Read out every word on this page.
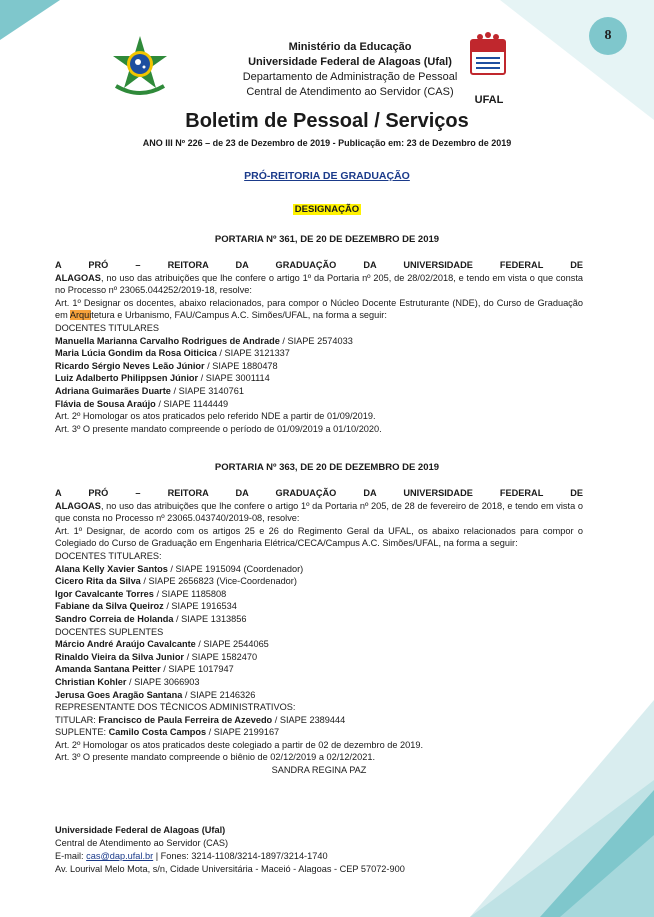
8
UFAL
Ministério da Educação
Universidade Federal de Alagoas (Ufal)
Departamento de Administração de Pessoal
Central de Atendimento ao Servidor (CAS)
Boletim de Pessoal / Serviços
ANO III Nº 226 – de 23 de Dezembro de 2019 - Publicação em: 23 de Dezembro de 2019
PRÓ-REITORIA DE GRADUAÇÃO
DESIGNAÇÃO
PORTARIA Nº 361, DE 20 DE DEZEMBRO DE 2019

A PRÓ – REITORA DA GRADUAÇÃO DA UNIVERSIDADE FEDERAL DE

ALAGOAS, no uso das atribuições que lhe confere o artigo 1º da Portaria nº 205, de 28/02/2018, e tendo em vista o que consta no Processo nº 23065.044252/2019-18, resolve:

Art. 1º Designar os docentes, abaixo relacionados, para compor o Núcleo Docente Estruturante (NDE), do Curso de Graduação em Arquitetura e Urbanismo, FAU/Campus A.C. Simões/UFAL, na forma a seguir:

DOCENTES TITULARES

Manuella Marianna Carvalho Rodrigues de Andrade / SIAPE 2574033

Maria Lúcia Gondim da Rosa Oiticica / SIAPE 3121337

Ricardo Sérgio Neves Leão Júnior / SIAPE 1880478

Luiz Adalberto Philippsen Júnior / SIAPE 3001114

Adriana Guimarães Duarte / SIAPE 3140761

Flávia de Sousa Araújo / SIAPE 1144449

Art. 2º Homologar os atos praticados pelo referido NDE a partir de 01/09/2019.

Art. 3º O presente mandato compreende o período de 01/09/2019 a 01/10/2020.

PORTARIA Nº 363, DE 20 DE DEZEMBRO DE 2019

A PRÓ – REITORA DA GRADUAÇÃO DA UNIVERSIDADE FEDERAL DE

ALAGOAS, no uso das atribuições que lhe confere o artigo 1º da Portaria nº 205, de 28 de fevereiro de 2018, e tendo em vista o que consta no Processo nº 23065.043740/2019-08, resolve:

Art. 1º Designar, de acordo com os artigos 25 e 26 do Regimento Geral da UFAL, os abaixo relacionados para compor o Colegiado do Curso de Graduação em Engenharia Elétrica/CECA/Campus A.C. Simões/UFAL, na forma a seguir:

DOCENTES TITULARES:

Alana Kelly Xavier Santos / SIAPE 1915094 (Coordenador)

Cicero Rita da Silva / SIAPE 2656823 (Vice-Coordenador)

Igor Cavalcante Torres / SIAPE 1185808

Fabiane da Silva Queiroz / SIAPE 1916534

Sandro Correia de Holanda / SIAPE 1313856

DOCENTES SUPLENTES

Márcio André Araújo Cavalcante / SIAPE 2544065

Rinaldo Vieira da Silva Junior / SIAPE 1582470

Amanda Santana Peitter / SIAPE 1017947

Christian Kohler / SIAPE 3066903

Jerusa Goes Aragão Santana / SIAPE 2146326

REPRESENTANTE DOS TÉCNICOS ADMINISTRATIVOS:

TITULAR: Francisco de Paula Ferreira de Azevedo / SIAPE 2389444

SUPLENTE: Camilo Costa Campos / SIAPE 2199167

Art. 2º Homologar os atos praticados deste colegiado a partir de 02 de dezembro de 2019.

Art. 3º O presente mandato compreende o biênio de 02/12/2019 a 02/12/2021.

SANDRA REGINA PAZ

Universidade Federal de Alagoas (Ufal)
Central de Atendimento ao Servidor (CAS)
E-mail: cas@dap.ufal.br | Fones: 3214-1108/3214-1897/3214-1740
Av. Lourival Melo Mota, s/n, Cidade Universitária - Maceió - Alagoas - CEP 57072-900
